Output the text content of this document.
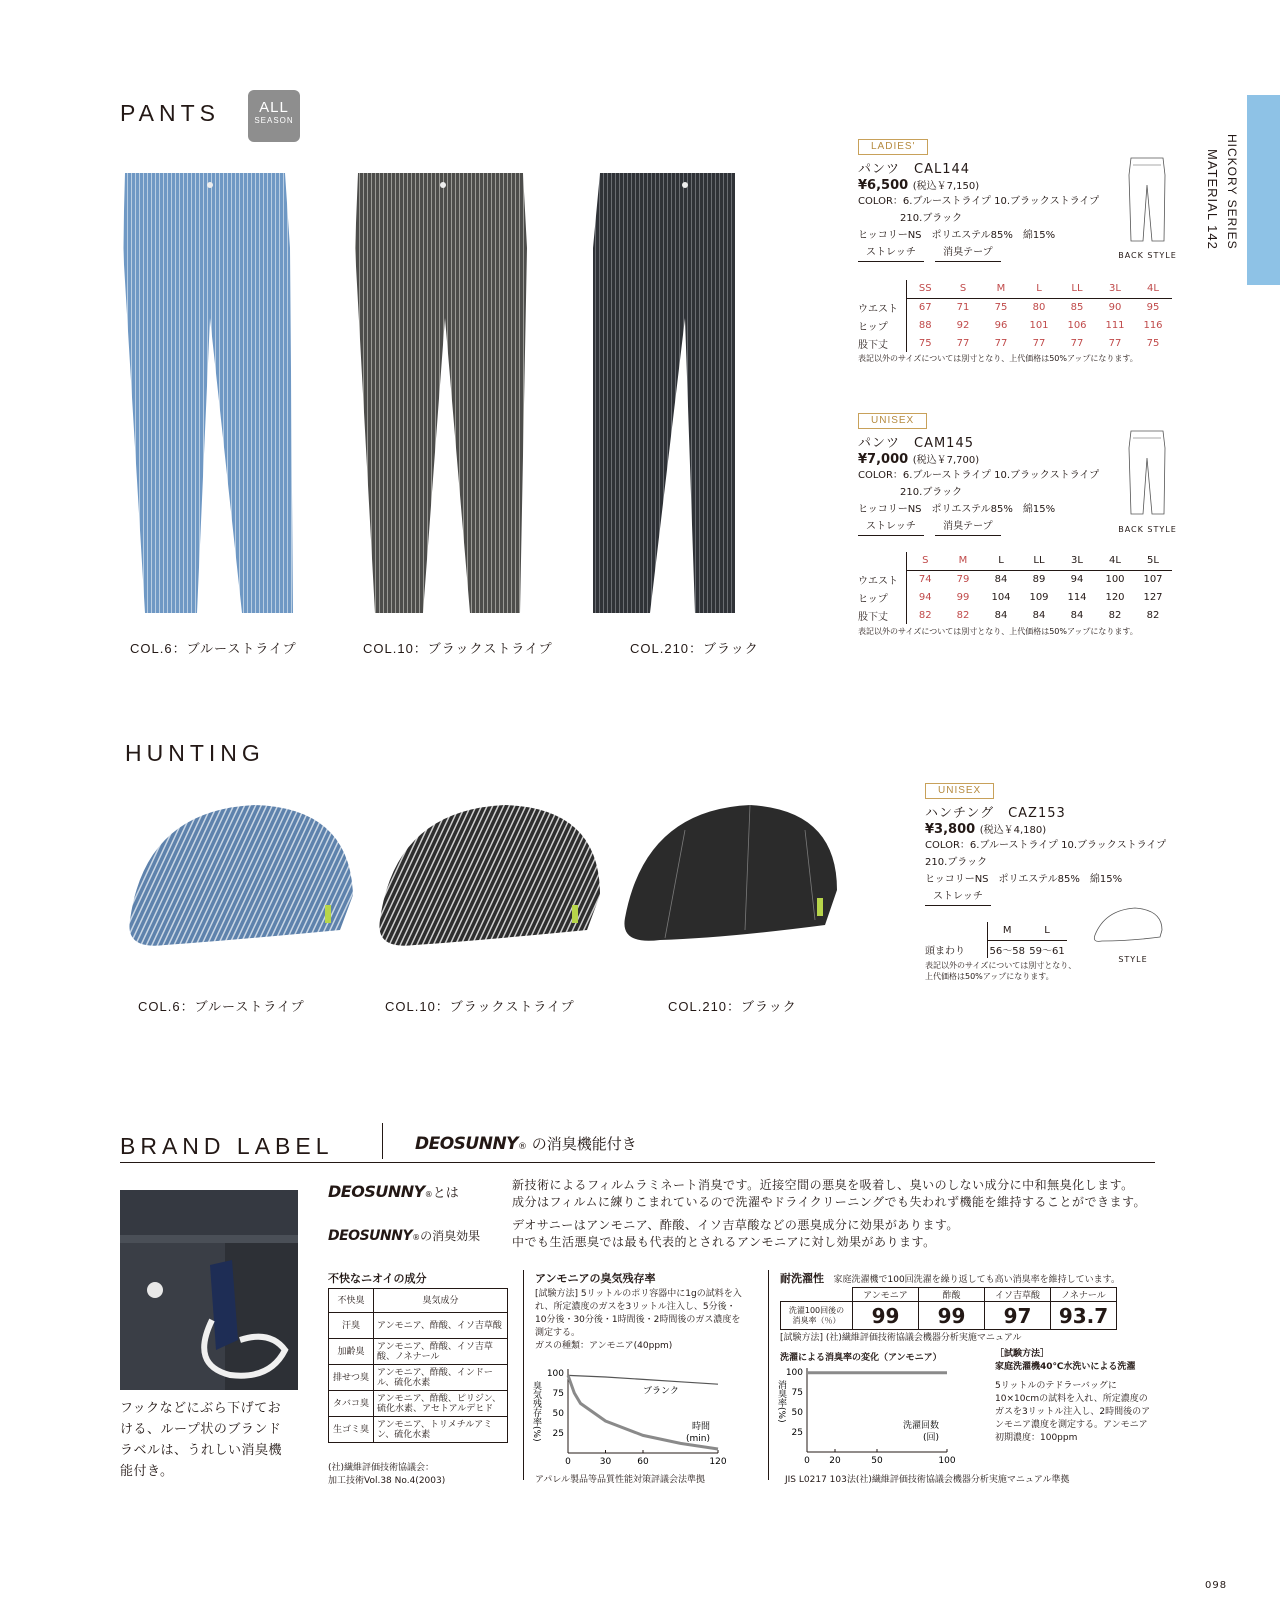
PANTS	ALL
SEASON
MATERIAL 142 HICKORY SERIES
COL.6：ブルーストライプ	COL.10：ブラックストライプ	COL.210：ブラック
LADIES'
パンツ　CAL144
¥6,500 (税込￥7,150)
COLOR：6.ブルーストライプ 10.ブラックストライプ
210.ブラック
ヒッコリーNS　ポリエステル85%　綿15%
ストレッチ	消臭テープ	BACK STYLE
	SS	S	M	L	LL	3L	4L
ウエスト	67	71	75	80	85	90	95
ヒップ	88	92	96	101	106	111	116
股下丈	75	77	77	77	77	77	75
表記以外のサイズについては別寸となり、上代価格は50%アップになります。
UNISEX
パンツ　CAM145
¥7,000 (税込￥7,700)
COLOR：6.ブルーストライプ 10.ブラックストライプ
210.ブラック
ヒッコリーNS　ポリエステル85%　綿15%
ストレッチ	消臭テープ	BACK STYLE
	S	M	L	LL	3L	4L	5L
ウエスト	74	79	84	89	94	100	107
ヒップ	94	99	104	109	114	120	127
股下丈	82	82	84	84	84	82	82
表記以外のサイズについては別寸となり、上代価格は50%アップになります。
HUNTING
COL.6：ブルーストライプ	COL.10：ブラックストライプ	COL.210：ブラック
UNISEX
ハンチング　CAZ153
¥3,800 (税込￥4,180)
COLOR：6.ブルーストライプ 10.ブラックストライプ
210.ブラック
ヒッコリーNS　ポリエステル85%　綿15%
ストレッチ
	M	L
頭まわり	56〜58	59〜61
表記以外のサイズについては別寸となり、
上代価格は50%アップになります。
STYLE
BRAND LABEL	DEOSUNNY® の消臭機能付き
フックなどにぶら下げてお
ける、ループ状のブランド
ラベルは、うれしい消臭機
能付き。
DEOSUNNY®とは
DEOSUNNY®の消臭効果
新技術によるフィルムラミネート消臭です。近接空間の悪臭を吸着し、臭いのしない成分に中和無臭化します。
成分はフィルムに練りこまれているので洗濯やドライクリーニングでも失われず機能を維持することができます。
デオサニーはアンモニア、酢酸、イソ吉草酸などの悪臭成分に効果があります。
中でも生活悪臭では最も代表的とされるアンモニアに対し効果があります。
不快なニオイの成分
不快臭	臭気成分
汗臭	アンモニア、酢酸、イソ吉草酸
加齢臭	アンモニア、酢酸、イソ吉草酸、ノネナール
排せつ臭	アンモニア、酢酸、インドール、硫化水素
タバコ臭	アンモニア、酢酸、ピリジン、硫化水素、アセトアルデヒド
生ゴミ臭	アンモニア、トリメチルアミン、硫化水素
(社)繊維評価技術協議会：
加工技術Vol.38 No.4(2003)
アンモニアの臭気残存率
[試験方法] 5リットルのポリ容器中に1gの試料を入れ、所定濃度のガスを3リットル注入し、5分後・10分後・30分後・1時間後・2時間後のガス濃度を測定する。
ガスの種類：アンモニア(40ppm)
25
50
75
100
0	30	60	120
ブランク
臭気残存率(%)	時間
(min)
アパレル製品等品質性能対策評議会法準拠
耐洗濯性 家庭洗濯機で100回洗濯を繰り返しても高い消臭率を維持しています。
	アンモニア	酢酸	イソ吉草酸	ノネナール

洗濯100回後の
消臭率（％）	99	99	97	93.7
[試験方法] (社)繊維評価技術協議会機器分析実施マニュアル
洗濯による消臭率の変化（アンモニア）
25
50
75
100
0 20	50	100
消臭率(%)
洗濯回数
(回)
［試験方法］
家庭洗濯機40℃水洗いによる洗濯
5リットルのテドラーバッグに10×10cmの試料を入れ、所定濃度のガスを3リットル注入し、2時間後のアンモニア濃度を測定する。アンモニア初期濃度：100ppm
JIS L0217 103法(社)繊維評価技術協議会機器分析実施マニュアル準拠
098
